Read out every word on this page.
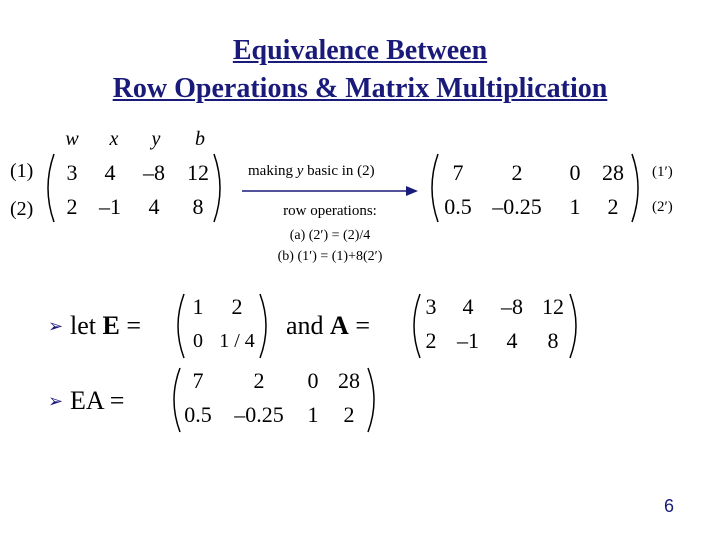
Equivalence Between
Row Operations & Matrix Multiplication
w	x	y	b
(1)
(2)
3	4	–8	12
2 –1	4	8
making y basic in (2)
row operations:
(a) (2′) = (2)/4
(b) (1′) = (1)+8(2′)
7	2	0 28
0.5 –0.25	1	2
(1′)
(2′)
➢ let E =
1	2
0 1 / 4
and A =
3	4	–8 12
2 –1	4	8
➢ EA =
7	2	0 28
0.5	–0.25	1	2
6
